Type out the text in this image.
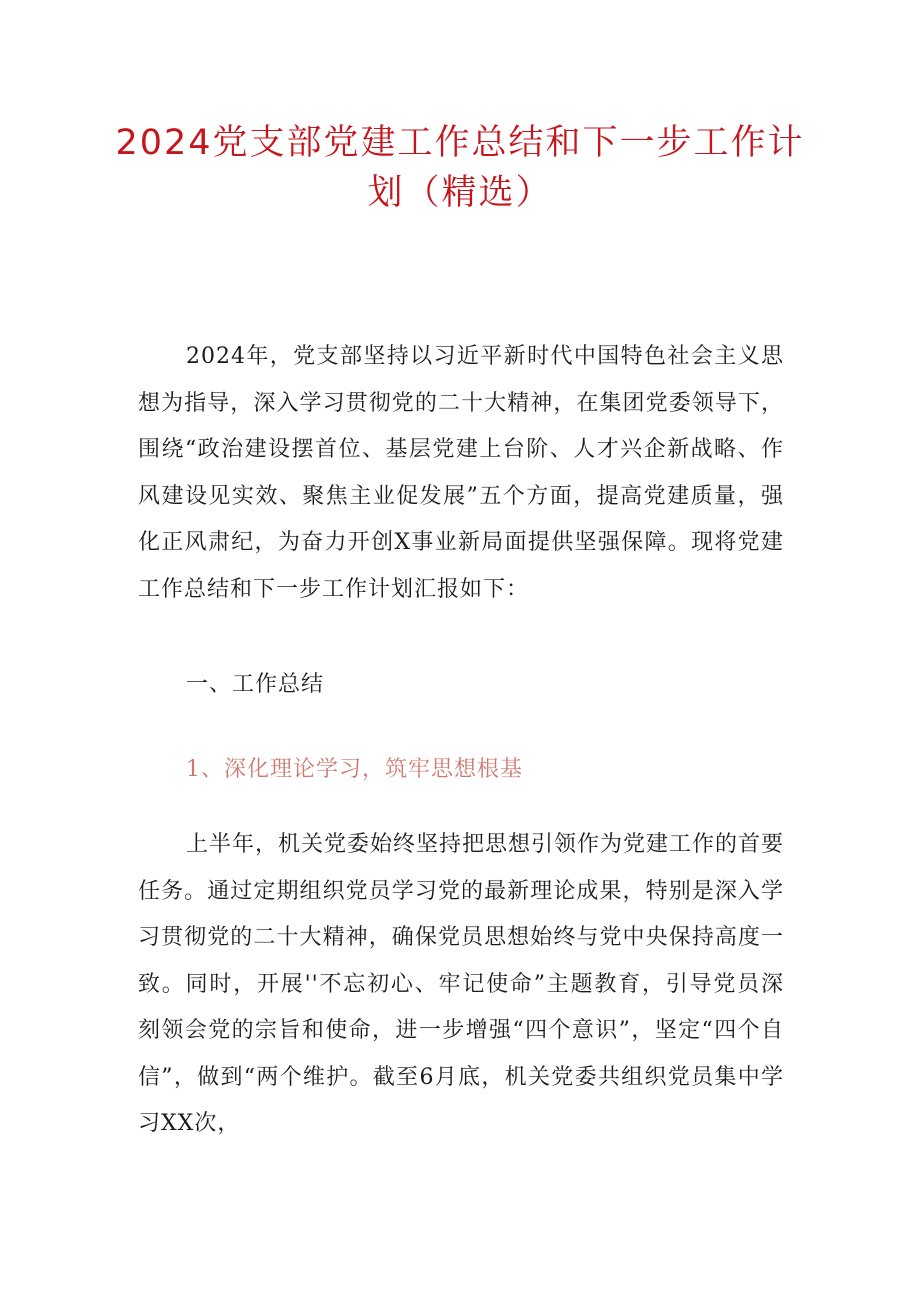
2024党支部党建工作总结和下一步工作计划（精选）

2024年，党支部坚持以习近平新时代中国特色社会主义思想为指导，深入学习贯彻党的二十大精神，在集团党委领导下，围绕“政治建设摆首位、基层党建上台阶、人才兴企新战略、作风建设见实效、聚焦主业促发展”五个方面，提高党建质量，强化正风肃纪，为奋力开创X事业新局面提供坚强保障。现将党建工作总结和下一步工作计划汇报如下：

一、工作总结

1、深化理论学习，筑牢思想根基

上半年，机关党委始终坚持把思想引领作为党建工作的首要任务。通过定期组织党员学习党的最新理论成果，特别是深入学习贯彻党的二十大精神，确保党员思想始终与党中央保持高度一致。同时，开展''不忘初心、牢记使命”主题教育，引导党员深刻领会党的宗旨和使命，进一步增强“四个意识”，坚定“四个自信”，做到“两个维护。截至6月底，机关党委共组织党员集中学习XX次，
